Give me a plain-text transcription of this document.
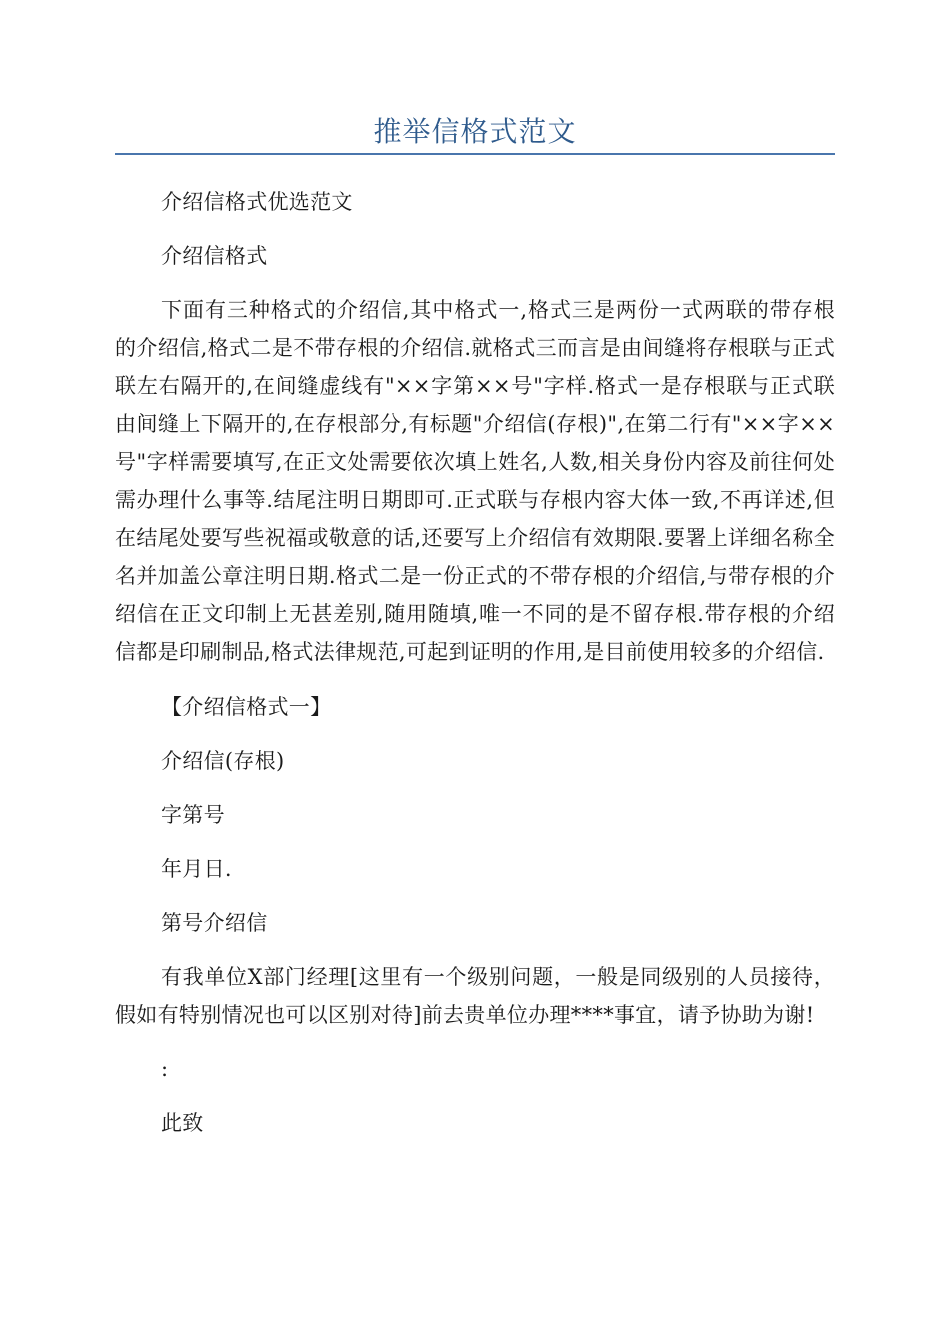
推举信格式范文

介绍信格式优选范文

介绍信格式

下面有三种格式的介绍信,其中格式一,格式三是两份一式两联的带存根的介绍信,格式二是不带存根的介绍信.就格式三而言是由间缝将存根联与正式联左右隔开的,在间缝虚线有"××字第××号"字样.格式一是存根联与正式联由间缝上下隔开的,在存根部分,有标题"介绍信(存根)",在第二行有"××字××号"字样需要填写,在正文处需要依次填上姓名,人数,相关身份内容及前往何处需办理什么事等.结尾注明日期即可.正式联与存根内容大体一致,不再详述,但在结尾处要写些祝福或敬意的话,还要写上介绍信有效期限.要署上详细名称全名并加盖公章注明日期.格式二是一份正式的不带存根的介绍信,与带存根的介绍信在正文印制上无甚差别,随用随填,唯一不同的是不留存根.带存根的介绍信都是印刷制品,格式法律规范,可起到证明的作用,是目前使用较多的介绍信.

【介绍信格式一】

介绍信(存根)

字第号

年月日.

第号介绍信

有我单位X部门经理[这里有一个级别问题，一般是同级别的人员接待，假如有特别情况也可以区别对待]前去贵单位办理****事宜，请予协助为谢!

:

此致
